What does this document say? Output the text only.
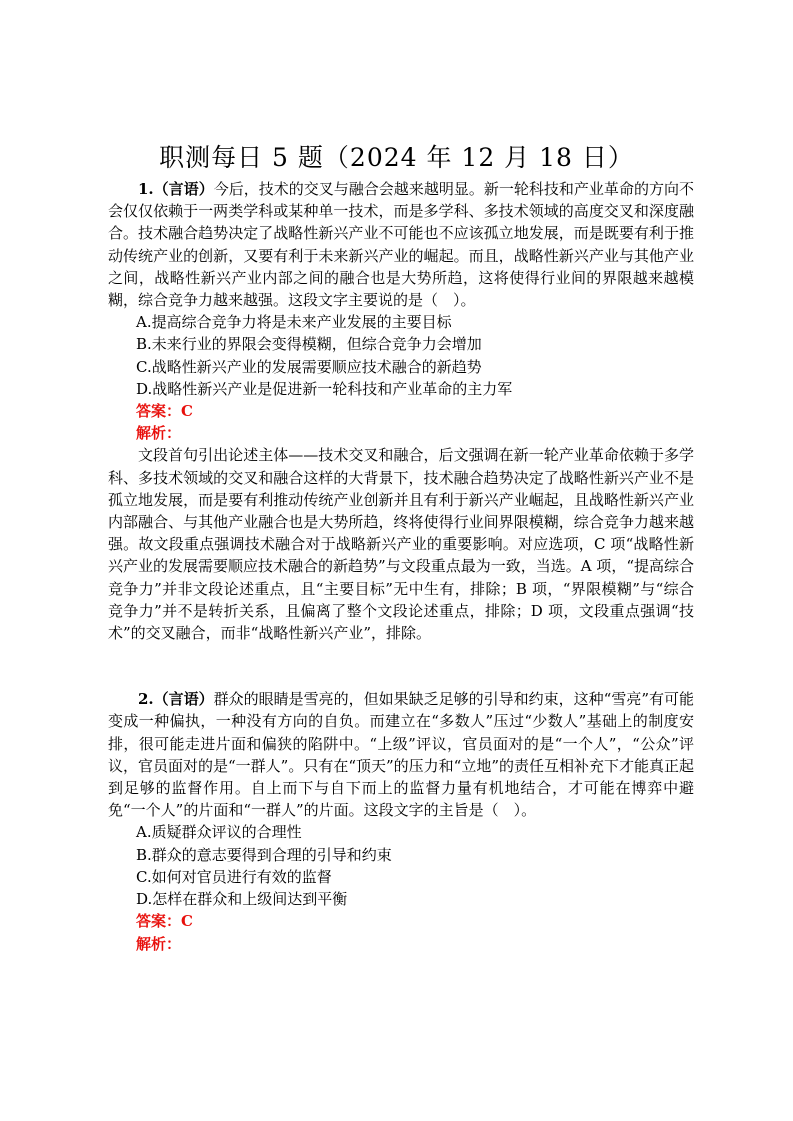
职测每日 5 题（2024 年 12 月 18 日）

1.（言语）今后，技术的交叉与融合会越来越明显。新一轮科技和产业革命的方向不会仅仅依赖于一两类学科或某种单一技术，而是多学科、多技术领域的高度交叉和深度融合。技术融合趋势决定了战略性新兴产业不可能也不应该孤立地发展，而是既要有利于推动传统产业的创新，又要有利于未来新兴产业的崛起。而且，战略性新兴产业与其他产业之间，战略性新兴产业内部之间的融合也是大势所趋，这将使得行业间的界限越来越模糊，综合竞争力越来越强。这段文字主要说的是（　）。

A.提高综合竞争力将是未来产业发展的主要目标

B.未来行业的界限会变得模糊，但综合竞争力会增加

C.战略性新兴产业的发展需要顺应技术融合的新趋势

D.战略性新兴产业是促进新一轮科技和产业革命的主力军

答案：C

解析：

文段首句引出论述主体——技术交叉和融合，后文强调在新一轮产业革命依赖于多学科、多技术领域的交叉和融合这样的大背景下，技术融合趋势决定了战略性新兴产业不是孤立地发展，而是要有利推动传统产业创新并且有利于新兴产业崛起，且战略性新兴产业内部融合、与其他产业融合也是大势所趋，终将使得行业间界限模糊，综合竞争力越来越强。故文段重点强调技术融合对于战略新兴产业的重要影响。对应选项，C 项“战略性新兴产业的发展需要顺应技术融合的新趋势”与文段重点最为一致，当选。A 项，“提高综合竞争力”并非文段论述重点，且“主要目标”无中生有，排除；B 项，“界限模糊”与“综合竞争力”并不是转折关系，且偏离了整个文段论述重点，排除；D 项，文段重点强调“技术”的交叉融合，而非“战略性新兴产业”，排除。

2.（言语）群众的眼睛是雪亮的，但如果缺乏足够的引导和约束，这种“雪亮”有可能变成一种偏执，一种没有方向的自负。而建立在“多数人”压过“少数人”基础上的制度安排，很可能走进片面和偏狭的陷阱中。“上级”评议，官员面对的是“一个人”，“公众”评议，官员面对的是“一群人”。只有在“顶天”的压力和“立地”的责任互相补充下才能真正起到足够的监督作用。自上而下与自下而上的监督力量有机地结合，才可能在博弈中避免“一个人”的片面和“一群人”的片面。这段文字的主旨是（　）。

A.质疑群众评议的合理性

B.群众的意志要得到合理的引导和约束

C.如何对官员进行有效的监督

D.怎样在群众和上级间达到平衡

答案：C

解析：
